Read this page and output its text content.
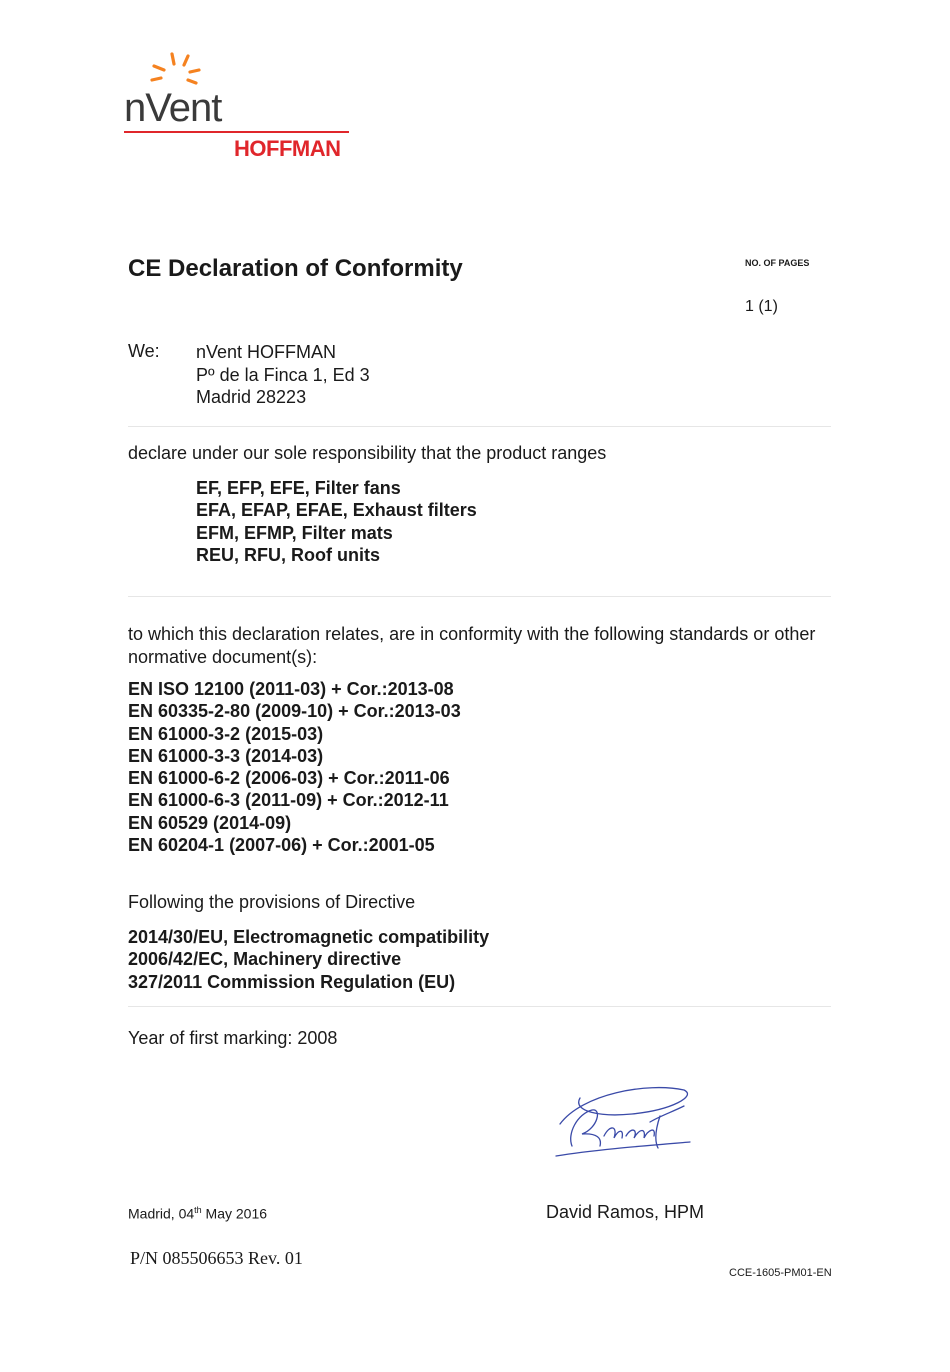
nVent
HOFFMAN
CE Declaration of Conformity	NO. OF PAGES
1 (1)
We: nVent HOFFMAN
Pº de la Finca 1, Ed 3
Madrid 28223
declare under our sole responsibility that the product ranges
EF, EFP, EFE, Filter fans
EFA, EFAP, EFAE, Exhaust filters
EFM, EFMP, Filter mats
REU, RFU, Roof units
to which this declaration relates, are in conformity with the following standards or other normative document(s):
EN ISO 12100 (2011-03) + Cor.:2013-08
EN 60335-2-80 (2009-10) + Cor.:2013-03
EN 61000-3-2 (2015-03)
EN 61000-3-3 (2014-03)
EN 61000-6-2 (2006-03) + Cor.:2011-06
EN 61000-6-3 (2011-09) + Cor.:2012-11
EN 60529 (2014-09)
EN 60204-1 (2007-06) + Cor.:2001-05
Following the provisions of Directive
2014/30/EU, Electromagnetic compatibility
2006/42/EC, Machinery directive
327/2011 Commission Regulation (EU)
Year of first marking: 2008
Madrid, 04th May 2016	David Ramos, HPM
P/N 085506653 Rev. 01
CCE-1605-PM01-EN
